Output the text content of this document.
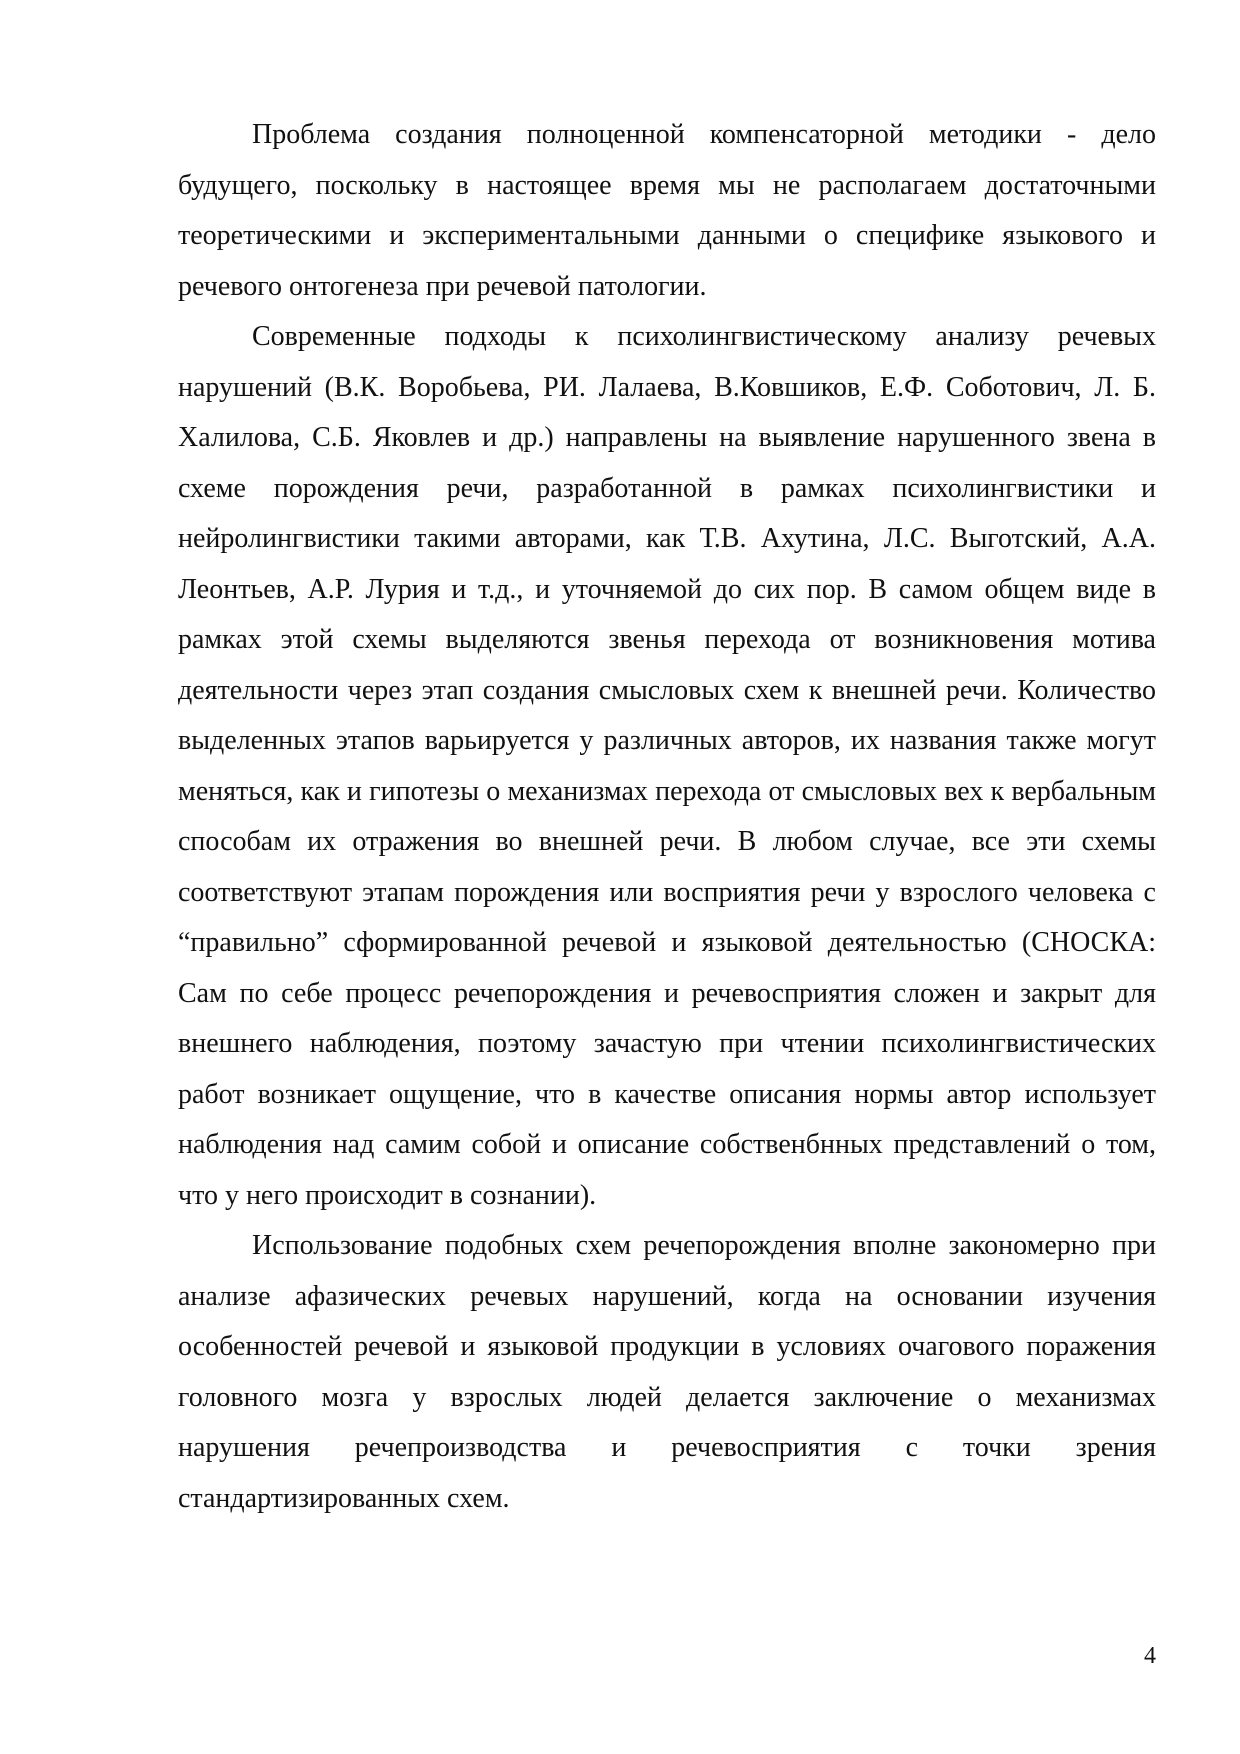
Проблема создания полноценной компенсаторной методики - дело будущего, поскольку в настоящее время мы не располагаем достаточными теоретическими и экспериментальными данными о специфике языкового и речевого онтогенеза при речевой патологии.

Современные подходы к психолингвистическому анализу речевых нарушений (В.К. Воробьева, РИ. Лалаева, В.Ковшиков, Е.Ф. Соботович, Л. Б. Халилова, С.Б. Яковлев и др.) направлены на выявление нарушенного звена в схеме порождения речи, разработанной в рамках психолингвистики и нейролингвистики такими авторами, как Т.В. Ахутина, Л.С. Выготский, А.А. Леонтьев, А.Р. Лурия и т.д., и уточняемой до сих пор. В самом общем виде в рамках этой схемы выделяются звенья перехода от возникновения мотива деятельности через этап создания смысловых схем к внешней речи. Количество выделенных этапов варьируется у различных авторов, их названия также могут меняться, как и гипотезы о механизмах перехода от смысловых вех к вербальным способам их отражения во внешней речи. В любом случае, все эти схемы соответствуют этапам порождения или восприятия речи у взрослого человека с “правильно” сформированной речевой и языковой деятельностью (СНОСКА: Сам по себе процесс речепорождения и речевосприятия сложен и закрыт для внешнего наблюдения, поэтому зачастую при чтении психолингвистических работ возникает ощущение, что в качестве описания нормы автор использует наблюдения над самим собой и описание собственбнных представлений о том, что у него происходит в сознании).

Использование подобных схем речепорождения вполне закономерно при анализе афазических речевых нарушений, когда на основании изучения особенностей речевой и языковой продукции в условиях очагового поражения головного мозга у взрослых людей делается заключение о механизмах нарушения речепроизводства и речевосприятия с точки зрения стандартизированных схем.

4
